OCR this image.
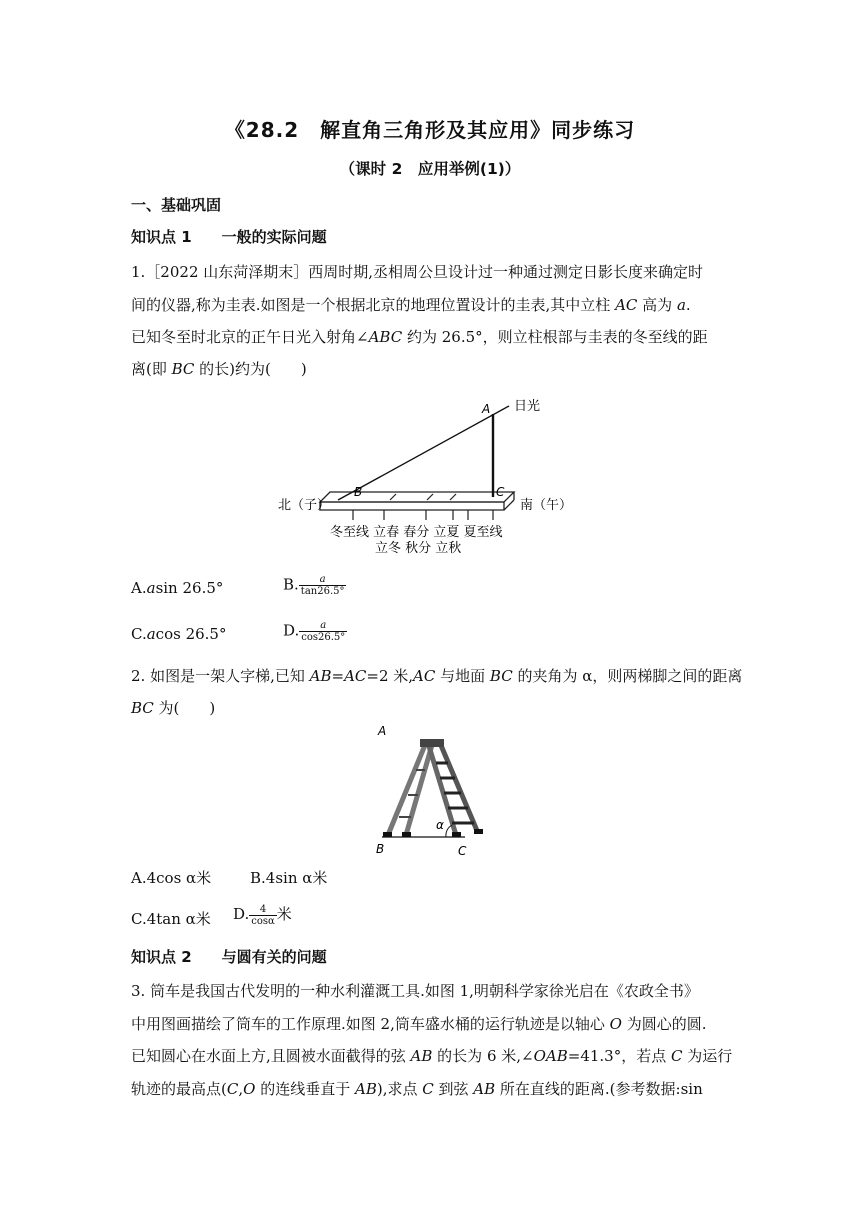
《28.2　解直角三角形及其应用》同步练习
（课时 2　应用举例(1)）
一、基础巩固
知识点 1　　一般的实际问题
1.［2022 山东菏泽期末］西周时期,丞相周公旦设计过一种通过测定日影长度来确定时
间的仪器,称为圭表.如图是一个根据北京的地理位置设计的圭表,其中立柱 AC 高为 a.
已知冬至时北京的正午日光入射角∠ABC 约为 26.5°，则立柱根部与圭表的冬至线的距
离(即 BC 的长)约为(　　)
A 日光
B	C
北（子）	南（午）
冬至线 立春 春分 立夏 夏至线
立冬 秋分 立秋
A.asin 26.5°	B. $\frac{a}{\tan 26.5^\circ}$
C.acos 26.5°	D. $\frac{a}{\cos 26.5^\circ}$
2. 如图是一架人字梯,已知 AB=AC=2 米,AC 与地面 BC 的夹角为 α，则两梯脚之间的距离
BC 为(　　)
A
B	C
α
A.4cos α米	B.4sin α米
C.4tan α米 D. $\frac{4}{\cos\alpha}$ 米
知识点 2　　与圆有关的问题
3. 筒车是我国古代发明的一种水利灌溉工具.如图 1,明朝科学家徐光启在《农政全书》
中用图画描绘了筒车的工作原理.如图 2,筒车盛水桶的运行轨迹是以轴心 O 为圆心的圆.
已知圆心在水面上方,且圆被水面截得的弦 AB 的长为 6 米,∠OAB=41.3°，若点 C 为运行
轨迹的最高点(C,O 的连线垂直于 AB),求点 C 到弦 AB 所在直线的距离.(参考数据:sin
